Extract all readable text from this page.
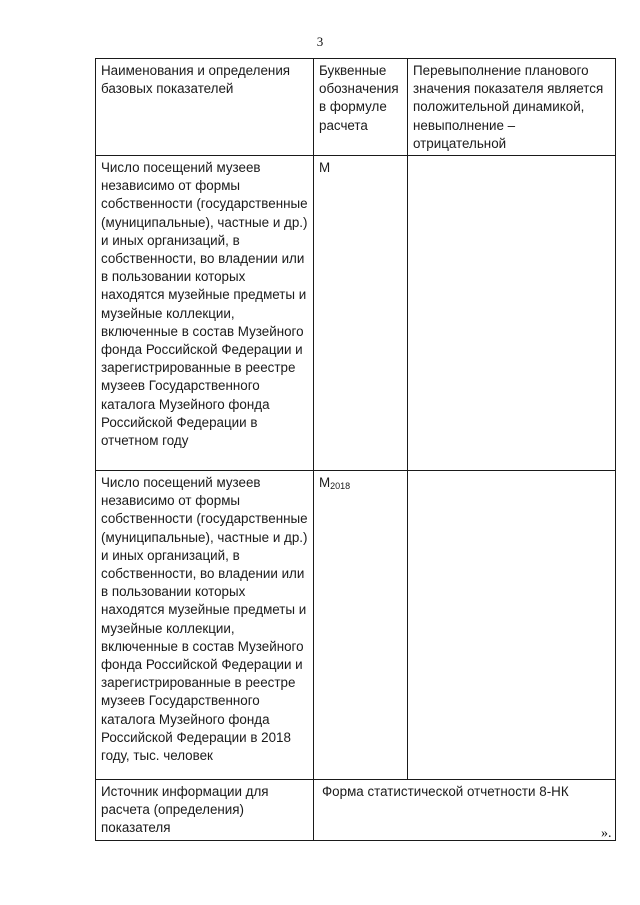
3
Наименования и определения базовых показателей	Буквенные обозначения в формуле расчета	Перевыполнение планового значения показателя является положительной динамикой, невыполнение – отрицательной
Число посещений музеев независимо от формы собственности (государственные (муниципальные), частные и др.) и иных организаций, в собственности, во владении или в пользовании которых находятся музейные предметы и музейные коллекции, включенные в состав Музейного фонда Российской Федерации и зарегистрированные в реестре музеев Государственного каталога Музейного фонда Российской Федерации в отчетном году	М	
Число посещений музеев независимо от формы собственности (государственные (муниципальные), частные и др.) и иных организаций, в собственности, во владении или в пользовании которых находятся музейные предметы и музейные коллекции, включенные в состав Музейного фонда Российской Федерации и зарегистрированные в реестре музеев Государственного каталога Музейного фонда Российской Федерации в 2018 году, тыс. человек	$М_{2018}$	
Источник информации для расчета (определения) показателя	Форма статистической отчетности 8-НК	
».
